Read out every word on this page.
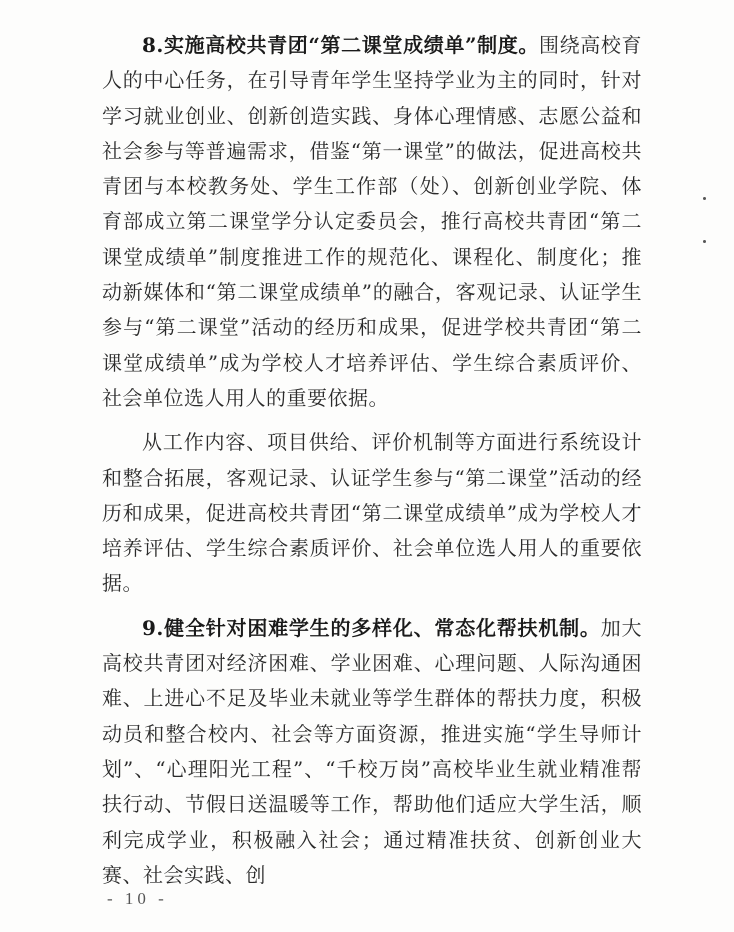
8.实施高校共青团“第二课堂成绩单”制度。围绕高校育人的中心任务，在引导青年学生坚持学业为主的同时，针对学习就业创业、创新创造实践、身体心理情感、志愿公益和社会参与等普遍需求，借鉴“第一课堂”的做法，促进高校共青团与本校教务处、学生工作部（处）、创新创业学院、体育部成立第二课堂学分认定委员会，推行高校共青团“第二课堂成绩单”制度推进工作的规范化、课程化、制度化；推动新媒体和“第二课堂成绩单”的融合，客观记录、认证学生参与“第二课堂”活动的经历和成果，促进学校共青团“第二课堂成绩单”成为学校人才培养评估、学生综合素质评价、社会单位选人用人的重要依据。

从工作内容、项目供给、评价机制等方面进行系统设计和整合拓展，客观记录、认证学生参与“第二课堂”活动的经历和成果，促进高校共青团“第二课堂成绩单”成为学校人才培养评估、学生综合素质评价、社会单位选人用人的重要依据。

9.健全针对困难学生的多样化、常态化帮扶机制。加大高校共青团对经济困难、学业困难、心理问题、人际沟通困难、上进心不足及毕业未就业等学生群体的帮扶力度，积极动员和整合校内、社会等方面资源，推进实施“学生导师计划”、“心理阳光工程”、“千校万岗”高校毕业生就业精准帮扶行动、节假日送温暖等工作，帮助他们适应大学生活，顺利完成学业，积极融入社会；通过精准扶贫、创新创业大赛、社会实践、创

- 10 -
